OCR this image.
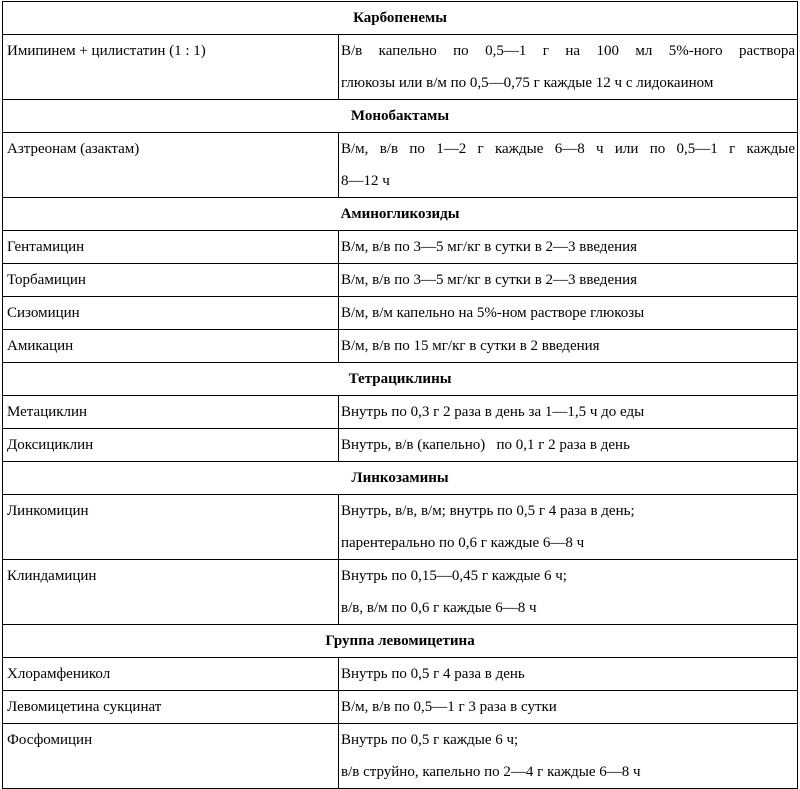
Карбопенемы	
Имипинем + цилистатин (1 : 1)	В/в капельно по 0,5—1 г на 100 мл 5%-ного раствора
глюкозы или в/м по 0,5—0,75 г каждые 12 ч с лидокаином

Монобактамы	
Азтреонам (азактам)	В/м, в/в по 1—2 г каждые 6—8 ч или по 0,5—1 г каждые
8—12 ч

Аминогликозиды	
Гентамицин	В/м, в/в по 3—5 мг/кг в сутки в 2—3 введения

Торбамицин	В/м, в/в по 3—5 мг/кг в сутки в 2—3 введения

Сизомицин	В/м, в/м капельно на 5%-ном растворе глюкозы

Амикацин	В/м, в/в по 15 мг/кг в сутки в 2 введения

Тетрациклины	
Метациклин	Внутрь по 0,3 г 2 раза в день за 1—1,5 ч до еды

Доксициклин	Внутрь, в/в (капельно)   по 0,1 г 2 раза в день

Линкозамины	
Линкомицин	Внутрь, в/в, в/м; внутрь по 0,5 г 4 раза в день;
парентерально по 0,6 г каждые 6—8 ч

Клиндамицин	Внутрь по 0,15—0,45 г каждые 6 ч;
в/в, в/м по 0,6 г каждые 6—8 ч

Группа левомицетина	
Хлорамфеникол	Внутрь по 0,5 г 4 раза в день

Левомицетина сукцинат	В/м, в/в по 0,5—1 г 3 раза в сутки

Фосфомицин	Внутрь по 0,5 г каждые 6 ч;
в/в струйно, капельно по 2—4 г каждые 6—8 ч
